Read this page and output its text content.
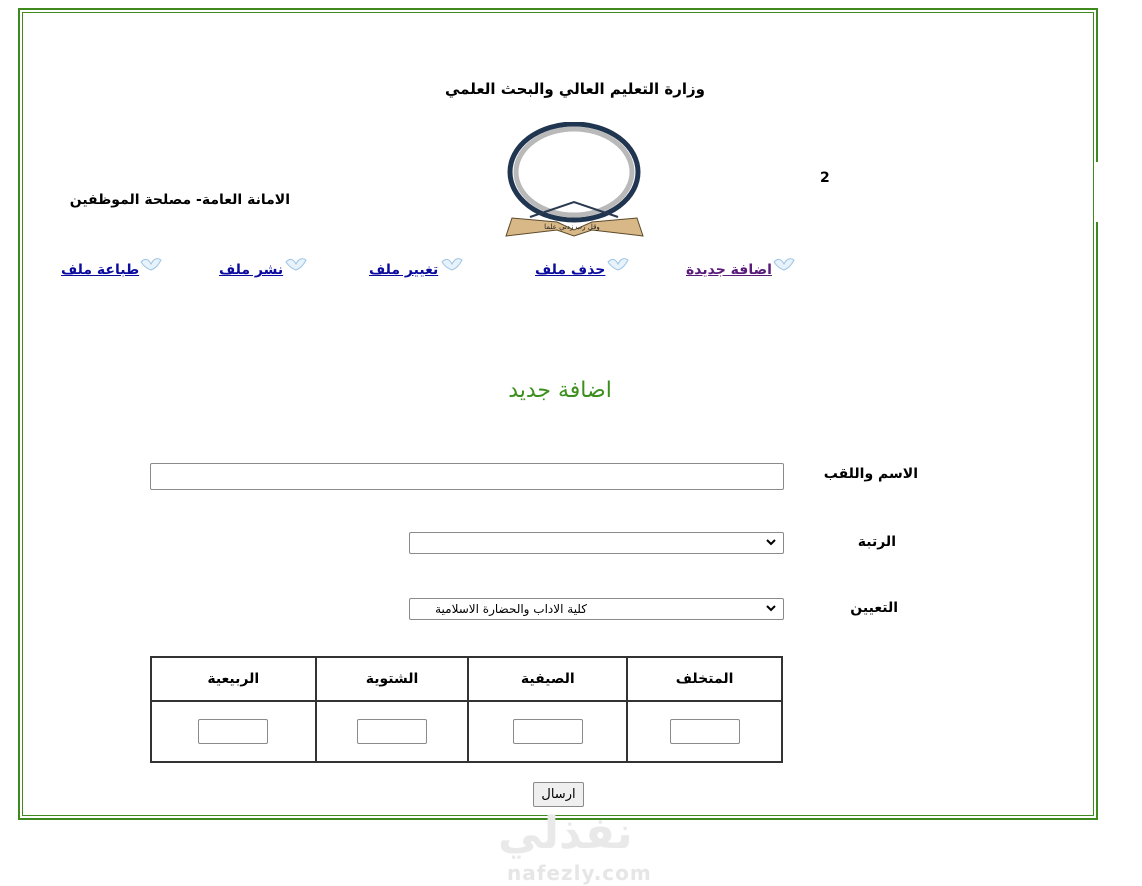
وزارة التعليم العالي والبحث العلمي
الامانة العامة- مصلحة الموظفين
2
وقل رب زدني علما
اضافة جديدة
حذف ملف
تغيير ملف
نشر ملف
طباعة ملف
اضافة جديد
الاسم واللقب
الرتبة
التعيين
كلية الاداب والحضارة الاسلامية
المتخلف	الصيفية	الشتوية	الربيعية

ارسال
نفذلي
nafezly.com
